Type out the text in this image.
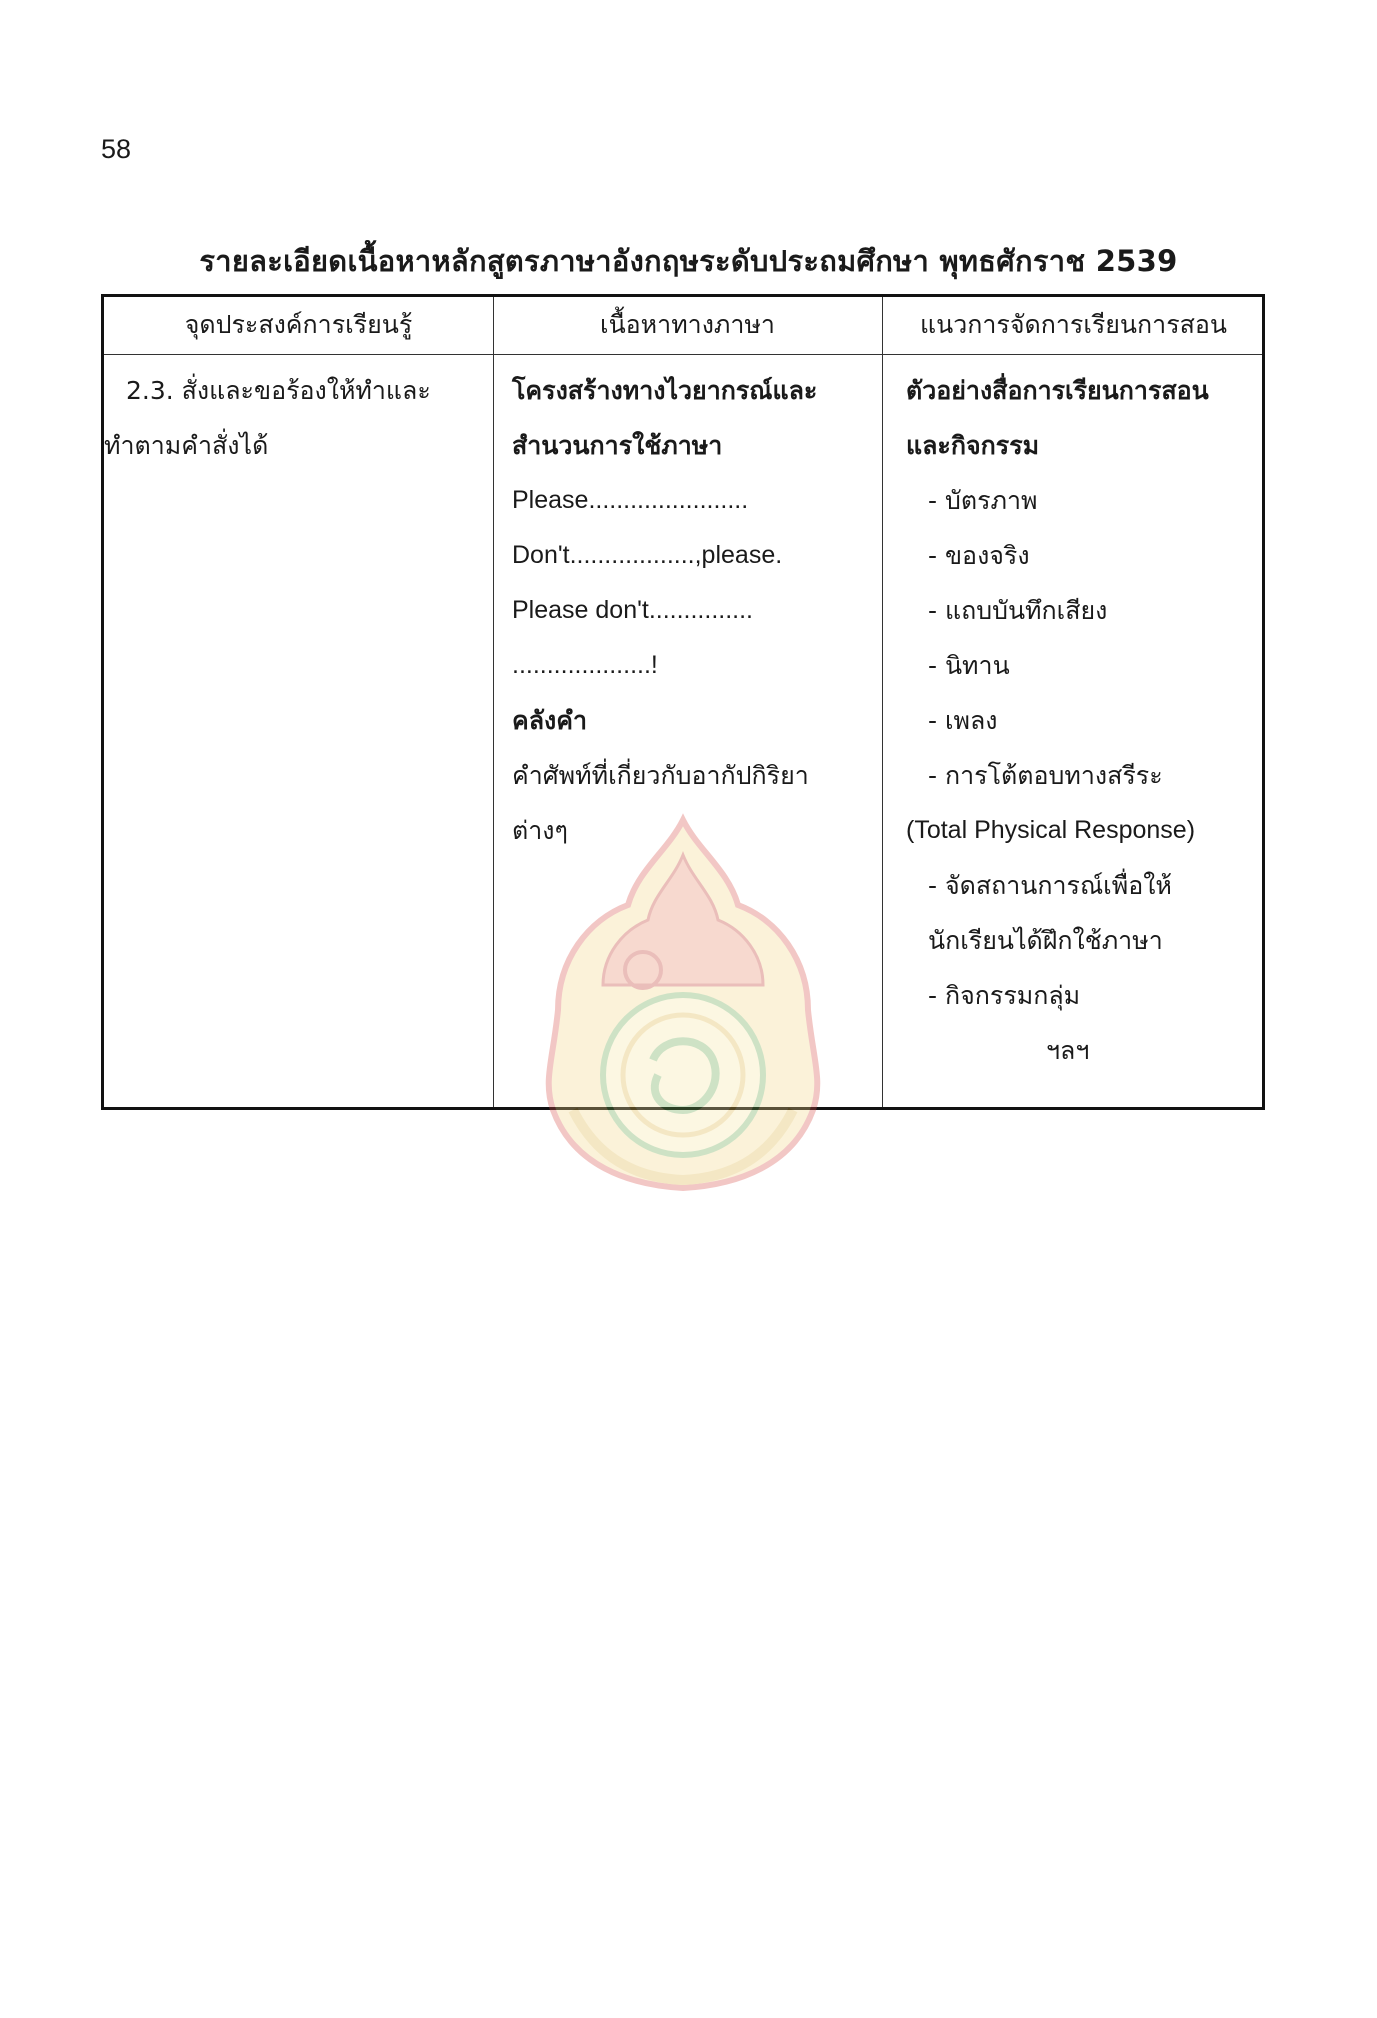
58
รายละเอียดเนื้อหาหลักสูตรภาษาอังกฤษระดับประถมศึกษา พุทธศักราช 2539
จุดประสงค์การเรียนรู้	เนื้อหาทางภาษา	แนวการจัดการเรียนการสอน
2.3. สั่งและขอร้องให้ทำและ
ทำตามคำสั่งได้
โครงสร้างทางไวยากรณ์และ
สำนวนการใช้ภาษา
Please.......................
Don't..................,please.
Please don't...............
....................!
คลังคำ
คำศัพท์ที่เกี่ยวกับอากัปกิริยา
ต่างๆ
ตัวอย่างสื่อการเรียนการสอน
และกิจกรรม
- บัตรภาพ
- ของจริง
- แถบบันทึกเสียง
- นิทาน
- เพลง
- การโต้ตอบทางสรีระ
(Total Physical Response)
- จัดสถานการณ์เพื่อให้
นักเรียนได้ฝึกใช้ภาษา
- กิจกรรมกลุ่ม
ฯลฯ
